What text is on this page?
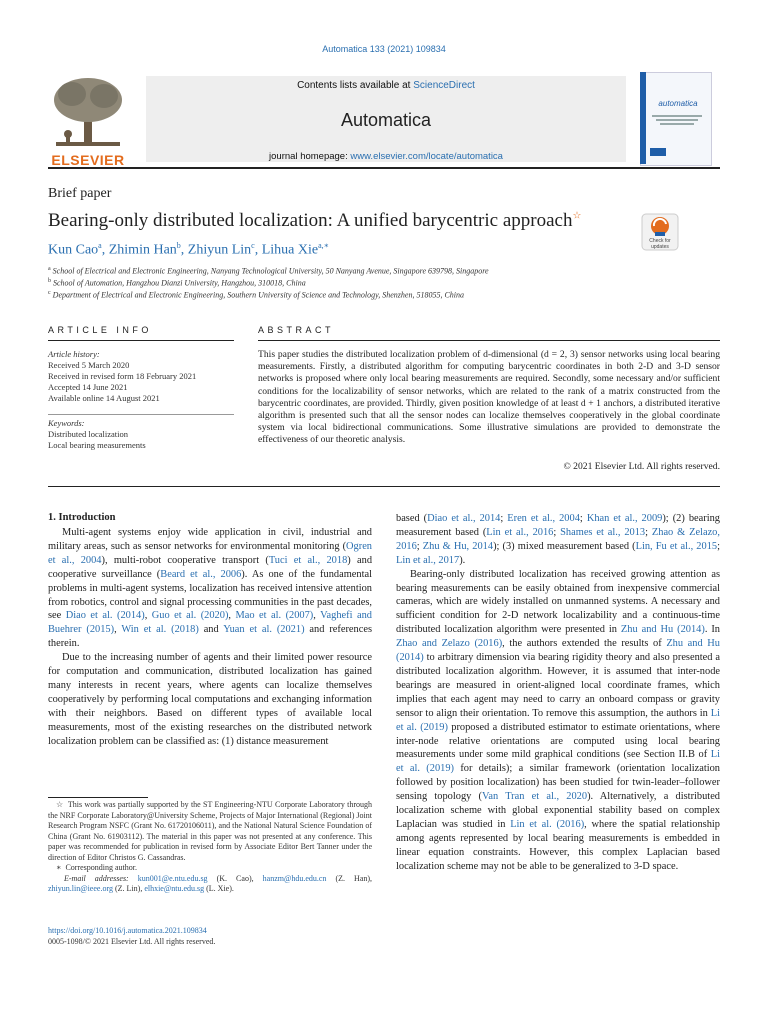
Automatica 133 (2021) 109834
ELSEVIER
Contents lists available at ScienceDirect
Automatica
journal homepage: www.elsevier.com/locate/automatica
automatica
Brief paper
Bearing-only distributed localization: A unified barycentric approach☆
Check for updates
Kun Cao$^a$, Zhimin Han$^b$, Zhiyun Lin$^c$, Lihua Xie$^{a,∗}$
$^a$ School of Electrical and Electronic Engineering, Nanyang Technological University, 50 Nanyang Avenue, Singapore 639798, Singapore
$^b$ School of Automation, Hangzhou Dianzi University, Hangzhou, 310018, China
$^c$ Department of Electrical and Electronic Engineering, Southern University of Science and Technology, Shenzhen, 518055, China
ARTICLE INFO	ABSTRACT
Article history:
Received 5 March 2020
Received in revised form 18 February 2021
Accepted 14 June 2021
Available online 14 August 2021
Keywords:
Distributed localization
Local bearing measurements
This paper studies the distributed localization problem of d-dimensional (d = 2, 3) sensor networks using local bearing measurements. Firstly, a distributed algorithm for computing barycentric coordinates in both 2-D and 3-D sensor networks is proposed where only local bearing measurements are required. Secondly, some necessary and/or sufficient conditions for the localizability of sensor networks, which are related to the rank of a matrix constructed from the barycentric coordinates, are provided. Thirdly, given position knowledge of at least d + 1 anchors, a distributed iterative algorithm is presented such that all the sensor nodes can localize themselves cooperatively in the global coordinate system via local bidirectional communications. Some illustrative simulations are provided to demonstrate the effectiveness of our theoretic analysis.
© 2021 Elsevier Ltd. All rights reserved.
1. Introduction

Multi-agent systems enjoy wide application in civil, industrial and military areas, such as sensor networks for environmental monitoring (Ogren et al., 2004), multi-robot cooperative transport (Tuci et al., 2018) and cooperative surveillance (Beard et al., 2006). As one of the fundamental problems in multi-agent systems, localization has received intensive attention from robotics, control and signal processing communities in the past decades, see Diao et al. (2014), Guo et al. (2020), Mao et al. (2007), Vaghefi and Buehrer (2015), Win et al. (2018) and Yuan et al. (2021) and references therein.

Due to the increasing number of agents and their limited power resource for computation and communication, distributed localization has gained many interests in recent years, where agents can localize themselves cooperatively by performing local computations and exchanging information with their neighbors. Based on different types of available local measurements, most of the existing researches on the distributed network localization problem can be classified as: (1) distance measurement

based (Diao et al., 2014; Eren et al., 2004; Khan et al., 2009); (2) bearing measurement based (Lin et al., 2016; Shames et al., 2013; Zhao & Zelazo, 2016; Zhu & Hu, 2014); (3) mixed measurement based (Lin, Fu et al., 2015; Lin et al., 2017).

Bearing-only distributed localization has received growing attention as bearing measurements can be easily obtained from inexpensive commercial cameras, which are widely installed on unmanned systems. A necessary and sufficient condition for 2-D network localizability and a continuous-time distributed localization algorithm were presented in Zhu and Hu (2014). In Zhao and Zelazo (2016), the authors extended the results of Zhu and Hu (2014) to arbitrary dimension via bearing rigidity theory and also presented a distributed localization algorithm. However, it is assumed that inter-node bearings are measured in orient-aligned local coordinate frames, which implies that each agent may need to carry an onboard compass or gravity sensor to align their orientation. To remove this assumption, the authors in Li et al. (2019) proposed a distributed estimator to estimate orientations, where inter-node relative orientations are computed using local bearing measurements under some mild graphical conditions (see Section II.B of Li et al. (2019) for details); a similar framework (orientation localization followed by position localization) has been studied for twin-leader–follower sensing topology (Van Tran et al., 2020). Alternatively, a distributed localization scheme with global exponential stability based on complex Laplacian was studied in Lin et al. (2016), where the spatial relationship among agents represented by local bearing measurements is embedded in linear equation constraints. However, this complex Laplacian based localization scheme may not be able to be generalized to 3-D space.

☆ This work was partially supported by the ST Engineering-NTU Corporate Laboratory through the NRF Corporate Laboratory@University Scheme, Projects of Major International (Regional) Joint Research Program NSFC (Grant No. 61720106011), and the National Natural Science Foundation of China (Grant No. 61903112). The material in this paper was not presented at any conference. This paper was recommended for publication in revised form by Associate Editor Bert Tanner under the direction of Editor Christos G. Cassandras.

∗ Corresponding author.

E-mail addresses: kun001@e.ntu.edu.sg (K. Cao), hanzm@hdu.edu.cn (Z. Han), zhiyun.lin@ieee.org (Z. Lin), elhxie@ntu.edu.sg (L. Xie).

https://doi.org/10.1016/j.automatica.2021.109834
0005-1098/© 2021 Elsevier Ltd. All rights reserved.
